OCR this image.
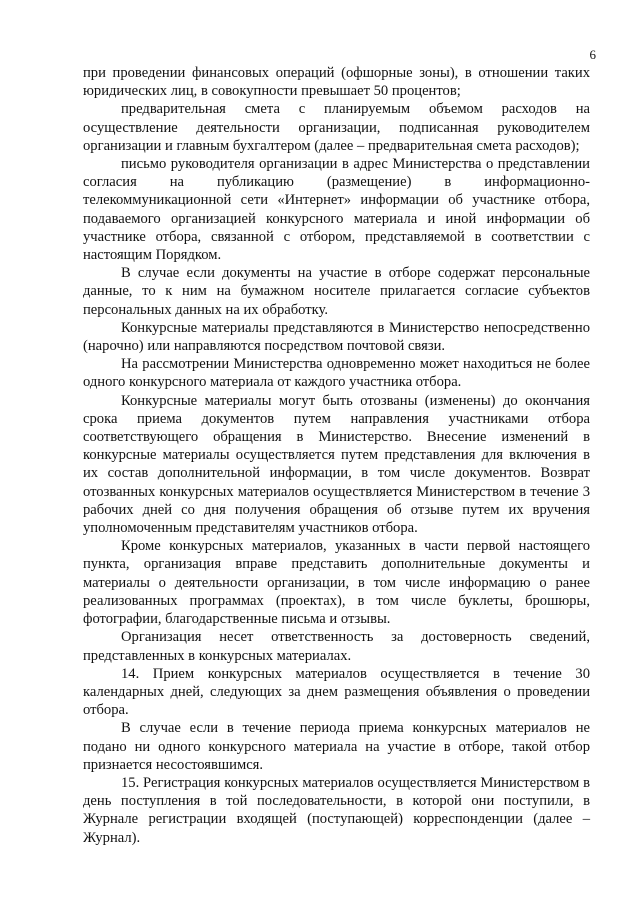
6

при проведении финансовых операций (офшорные зоны), в отношении таких юридических лиц, в совокупности превышает 50 процентов;

предварительная смета с планируемым объемом расходов на осуществление деятельности организации, подписанная руководителем организации и главным бухгалтером (далее – предварительная смета расходов);

письмо руководителя организации в адрес Министерства о представлении согласия на публикацию (размещение) в информационно-телекоммуникационной сети «Интернет» информации об участнике отбора, подаваемого организацией конкурсного материала и иной информации об участнике отбора, связанной с отбором, представляемой в соответствии с настоящим Порядком.

В случае если документы на участие в отборе содержат персональные данные, то к ним на бумажном носителе прилагается согласие субъектов персональных данных на их обработку.

Конкурсные материалы представляются в Министерство непосредственно (нарочно) или направляются посредством почтовой связи.

На рассмотрении Министерства одновременно может находиться не более одного конкурсного материала от каждого участника отбора.

Конкурсные материалы могут быть отозваны (изменены) до окончания срока приема документов путем направления участниками отбора соответствующего обращения в Министерство. Внесение изменений в конкурсные материалы осуществляется путем представления для включения в их состав дополнительной информации, в том числе документов. Возврат отозванных конкурсных материалов осуществляется Министерством в течение 3 рабочих дней со дня получения обращения об отзыве путем их вручения уполномоченным представителям участников отбора.

Кроме конкурсных материалов, указанных в части первой настоящего пункта, организация вправе представить дополнительные документы и материалы о деятельности организации, в том числе информацию о ранее реализованных программах (проектах), в том числе буклеты, брошюры, фотографии, благодарственные письма и отзывы.

Организация несет ответственность за достоверность сведений, представленных в конкурсных материалах.

14. Прием конкурсных материалов осуществляется в течение 30 календарных дней, следующих за днем размещения объявления о проведении отбора.

В случае если в течение периода приема конкурсных материалов не подано ни одного конкурсного материала на участие в отборе, такой отбор признается несостоявшимся.

15. Регистрация конкурсных материалов осуществляется Министерством в день поступления в той последовательности, в которой они поступили, в Журнале регистрации входящей (поступающей) корреспонденции (далее – Журнал).
